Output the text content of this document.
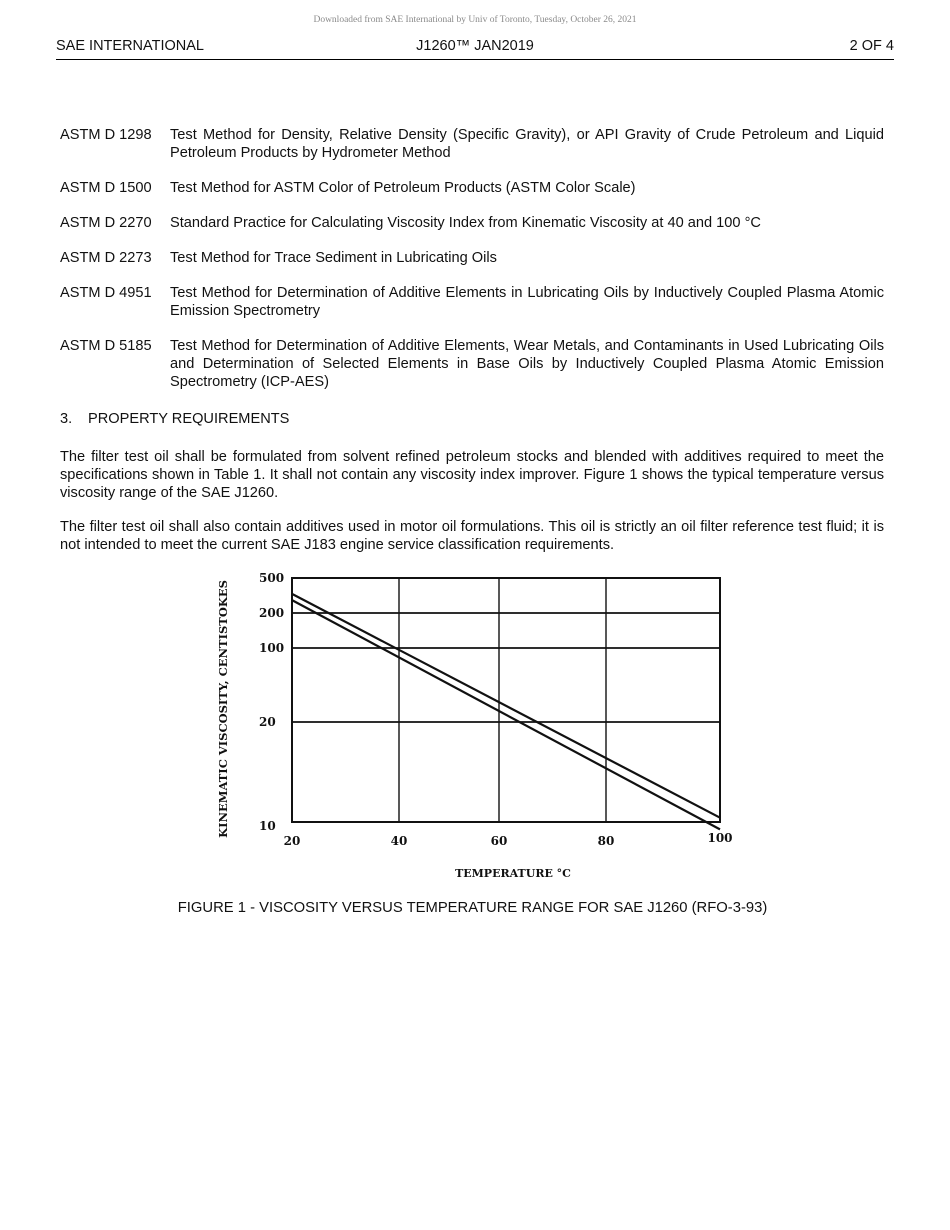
Downloaded from SAE International by Univ of Toronto, Tuesday, October 26, 2021
SAE INTERNATIONAL	J1260™ JAN2019	2 OF 4
ASTM D 1298	Test Method for Density, Relative Density (Specific Gravity), or API Gravity of Crude Petroleum and Liquid Petroleum Products by Hydrometer Method
ASTM D 1500	Test Method for ASTM Color of Petroleum Products (ASTM Color Scale)
ASTM D 2270	Standard Practice for Calculating Viscosity Index from Kinematic Viscosity at 40 and 100 °C
ASTM D 2273	Test Method for Trace Sediment in Lubricating Oils
ASTM D 4951	Test Method for Determination of Additive Elements in Lubricating Oils by Inductively Coupled Plasma Atomic Emission Spectrometry
ASTM D 5185	Test Method for Determination of Additive Elements, Wear Metals, and Contaminants in Used Lubricating Oils and Determination of Selected Elements in Base Oils by Inductively Coupled Plasma Atomic Emission Spectrometry (ICP-AES)
3. PROPERTY REQUIREMENTS
The filter test oil shall be formulated from solvent refined petroleum stocks and blended with additives required to meet the specifications shown in Table 1. It shall not contain any viscosity index improver. Figure 1 shows the typical temperature versus viscosity range of the SAE J1260.
The filter test oil shall also contain additives used in motor oil formulations. This oil is strictly an oil filter reference test fluid; it is not intended to meet the current SAE J183 engine service classification requirements.
500
200
100
20
10
20	40	60	80	100
KINEMATIC VISCOSITY, CENTISTOKES
TEMPERATURE °C
FIGURE 1 - VISCOSITY VERSUS TEMPERATURE RANGE FOR SAE J1260 (RFO-3-93)
